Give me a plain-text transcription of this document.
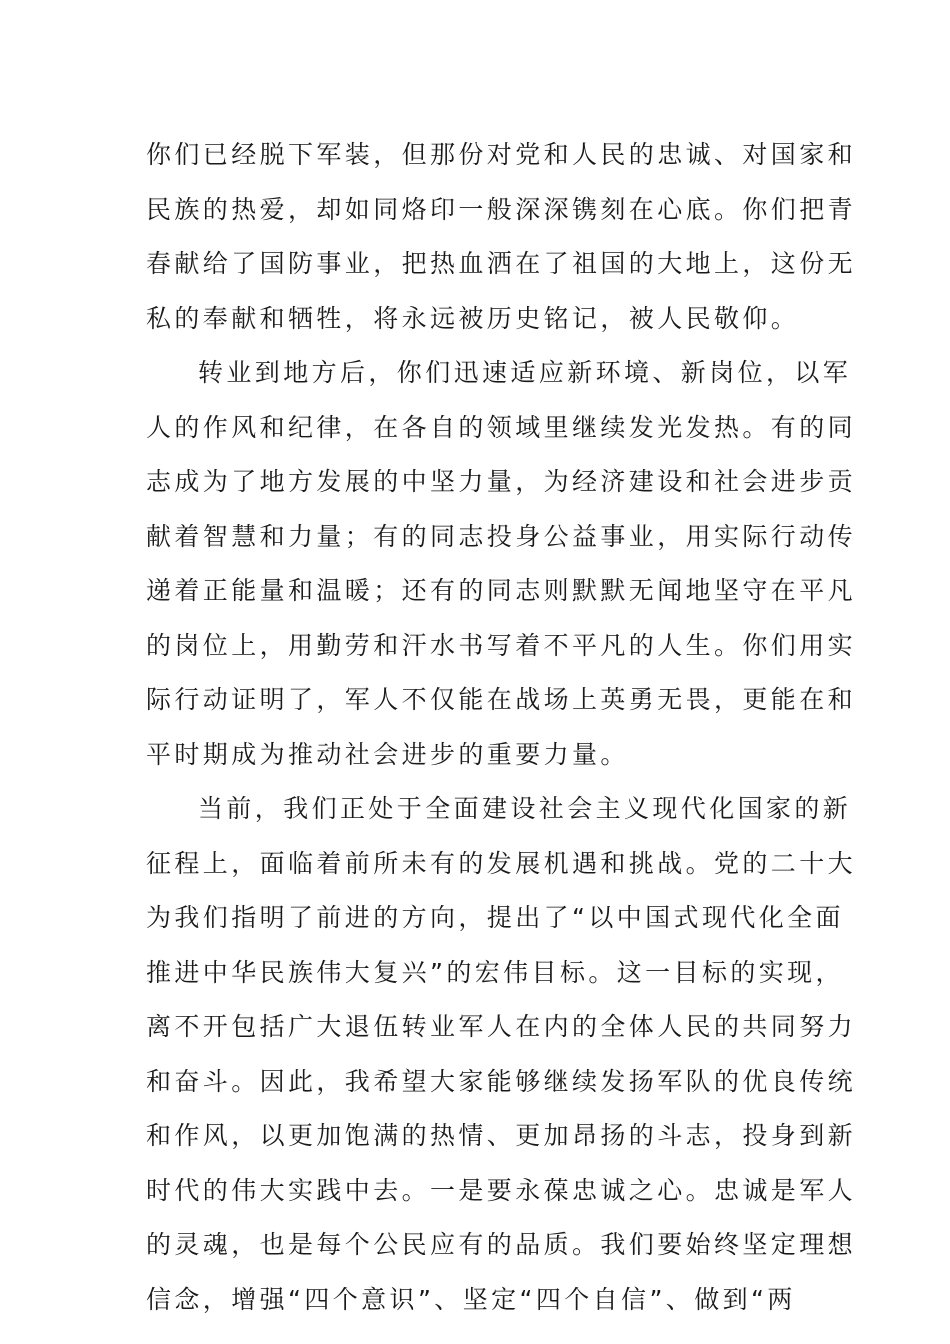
你们已经脱下军装，但那份对党和人民的忠诚、对国家和
民族的热爱，却如同烙印一般深深镌刻在心底。你们把青
春献给了国防事业，把热血洒在了祖国的大地上，这份无
私的奉献和牺牲，将永远被历史铭记，被人民敬仰。
转业到地方后，你们迅速适应新环境、新岗位，以军
人的作风和纪律，在各自的领域里继续发光发热。有的同
志成为了地方发展的中坚力量，为经济建设和社会进步贡
献着智慧和力量；有的同志投身公益事业，用实际行动传
递着正能量和温暖；还有的同志则默默无闻地坚守在平凡
的岗位上，用勤劳和汗水书写着不平凡的人生。你们用实
际行动证明了，军人不仅能在战场上英勇无畏，更能在和
平时期成为推动社会进步的重要力量。
当前，我们正处于全面建设社会主义现代化国家的新
征程上，面临着前所未有的发展机遇和挑战。党的二十大
为我们指明了前进的方向，提出了“以中国式现代化全面
推进中华民族伟大复兴”的宏伟目标。这一目标的实现，
离不开包括广大退伍转业军人在内的全体人民的共同努力
和奋斗。因此，我希望大家能够继续发扬军队的优良传统
和作风，以更加饱满的热情、更加昂扬的斗志，投身到新
时代的伟大实践中去。一是要永葆忠诚之心。忠诚是军人
的灵魂，也是每个公民应有的品质。我们要始终坚定理想
信念，增强“四个意识”、坚定“四个自信”、做到“两
